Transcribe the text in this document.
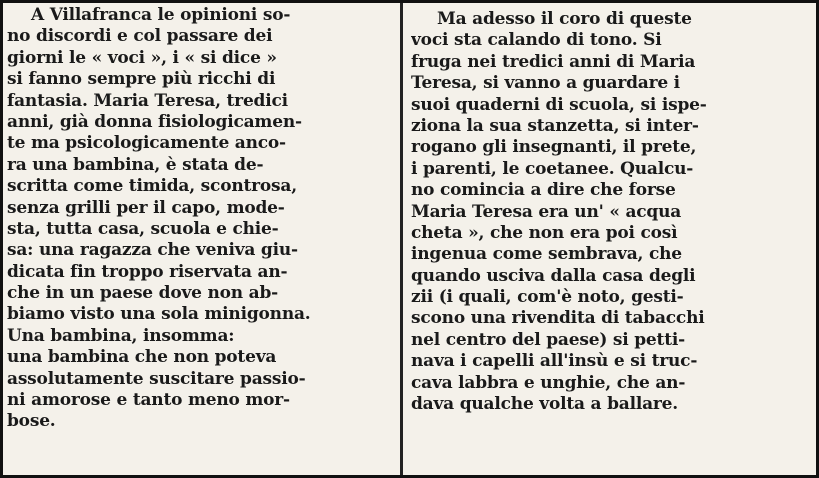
A Villafranca le opinioni so-
no discordi e col passare dei
giorni le « voci », i « si dice »
si fanno sempre più ricchi di
fantasia. Maria Teresa, tredici
anni, già donna fisiologicamen-
te ma psicologicamente anco-
ra una bambina, è stata de-
scritta come timida, scontrosa,
senza grilli per il capo, mode-
sta, tutta casa, scuola e chie-
sa: una ragazza che veniva giu-
dicata fin troppo riservata an-
che in un paese dove non ab-
biamo visto una sola minigonna.
Una bambina, insomma:
una bambina che non poteva
assolutamente suscitare passio-
ni amorose e tanto meno mor-
bose.
Ma adesso il coro di queste
voci sta calando di tono. Si
fruga nei tredici anni di Maria
Teresa, si vanno a guardare i
suoi quaderni di scuola, si ispe-
ziona la sua stanzetta, si inter-
rogano gli insegnanti, il prete,
i parenti, le coetanee. Qualcu-
no comincia a dire che forse
Maria Teresa era un' « acqua
cheta », che non era poi così
ingenua come sembrava, che
quando usciva dalla casa degli
zii (i quali, com'è noto, gesti-
scono una rivendita di tabacchi
nel centro del paese) si petti-
nava i capelli all'insù e si truc-
cava labbra e unghie, che an-
dava qualche volta a ballare.
